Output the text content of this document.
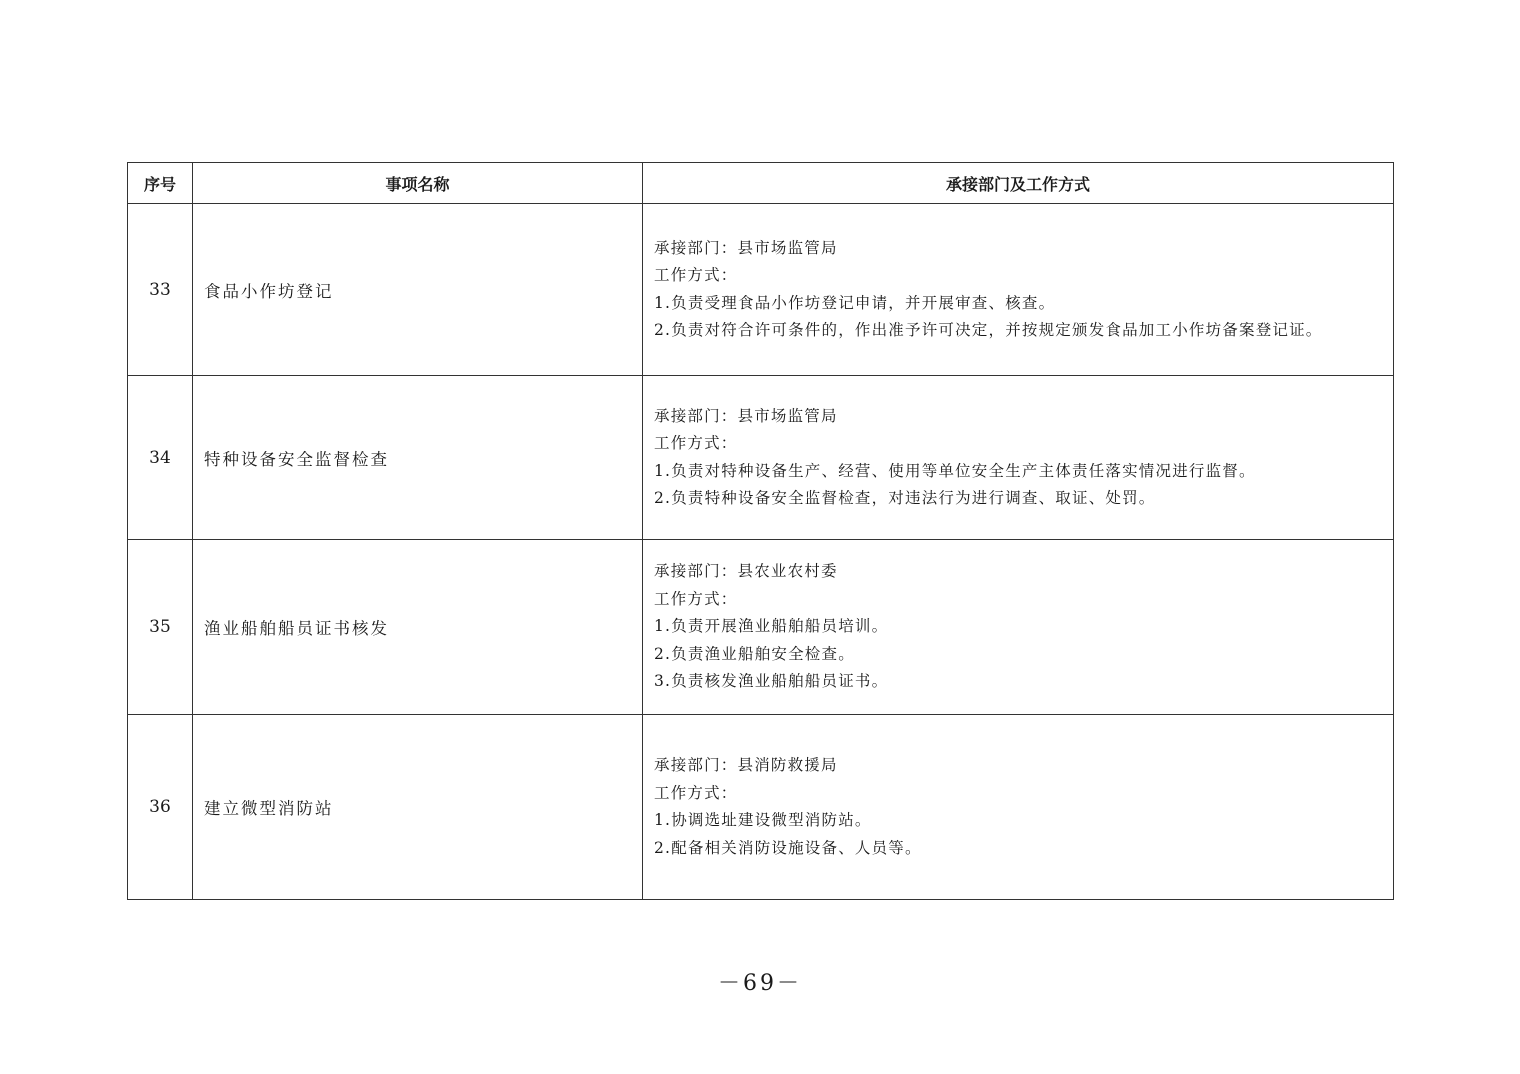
序号	事项名称	承接部门及工作方式
33	食品小作坊登记	承接部门：县市场监管局
工作方式：
1.负责受理食品小作坊登记申请，并开展审查、核查。
2.负责对符合许可条件的，作出准予许可决定，并按规定颁发食品加工小作坊备案登记证。

34	特种设备安全监督检查	承接部门：县市场监管局
工作方式：
1.负责对特种设备生产、经营、使用等单位安全生产主体责任落实情况进行监督。
2.负责特种设备安全监督检查，对违法行为进行调查、取证、处罚。

35	渔业船舶船员证书核发	承接部门：县农业农村委
工作方式：
1.负责开展渔业船舶船员培训。
2.负责渔业船舶安全检查。
3.负责核发渔业船舶船员证书。

36	建立微型消防站	承接部门：县消防救援局
工作方式：
1.协调选址建设微型消防站。
2.配备相关消防设施设备、人员等。
－69－
